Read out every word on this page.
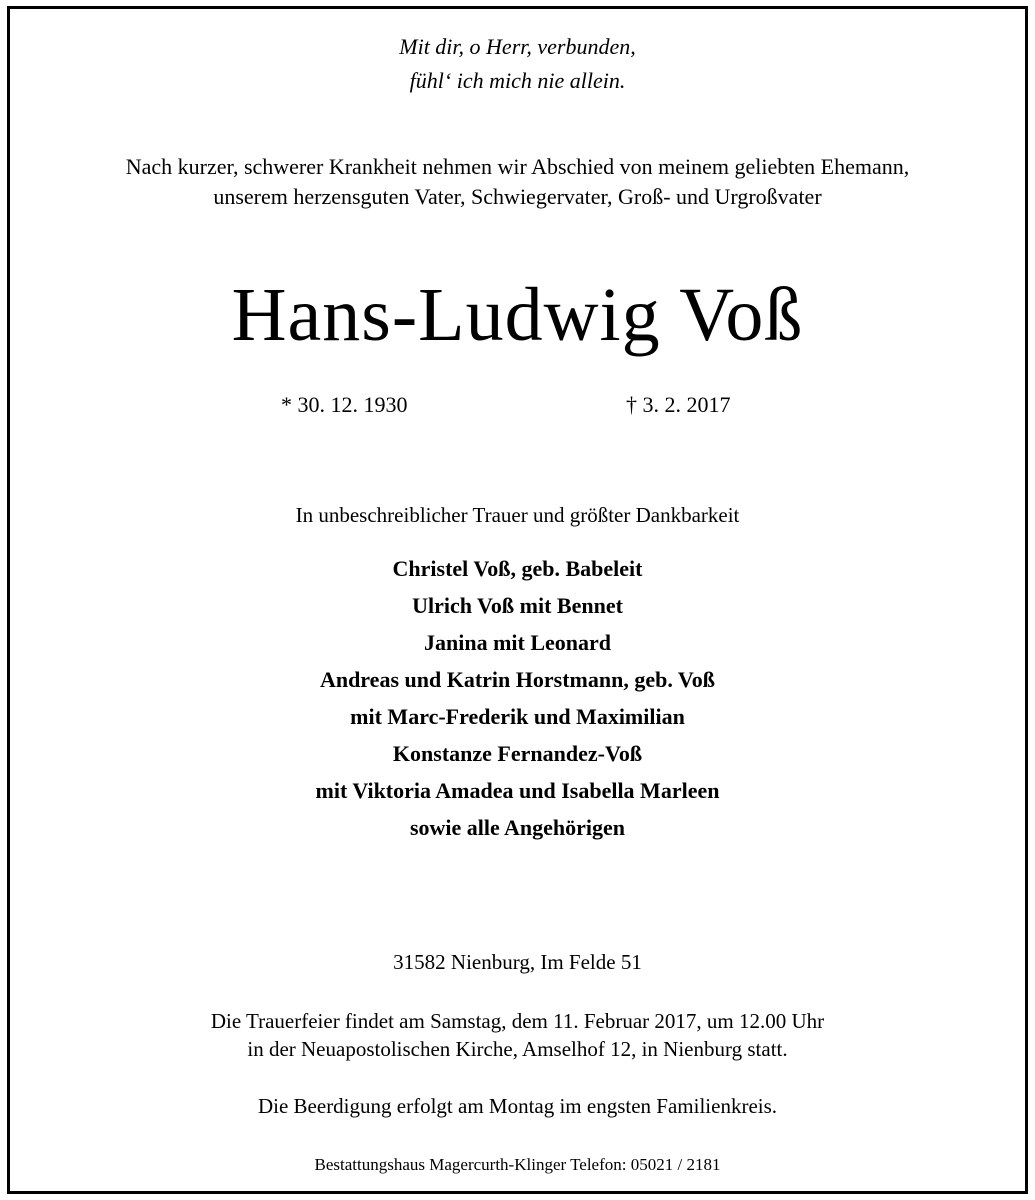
Mit dir, o Herr, verbunden,
fühl‘ ich mich nie allein.
Nach kurzer, schwerer Krankheit nehmen wir Abschied von meinem geliebten Ehemann,
unserem herzensguten Vater, Schwiegervater, Groß- und Urgroßvater
Hans-Ludwig Voß
* 30. 12. 1930	† 3. 2. 2017
In unbeschreiblicher Trauer und größter Dankbarkeit
Christel Voß, geb. Babeleit
Ulrich Voß mit Bennet
Janina mit Leonard
Andreas und Katrin Horstmann, geb. Voß
mit Marc-Frederik und Maximilian
Konstanze Fernandez-Voß
mit Viktoria Amadea und Isabella Marleen
sowie alle Angehörigen
31582 Nienburg, Im Felde 51
Die Trauerfeier findet am Samstag, dem 11. Februar 2017, um 12.00 Uhr
in der Neuapostolischen Kirche, Amselhof 12, in Nienburg statt.
Die Beerdigung erfolgt am Montag im engsten Familienkreis.
Bestattungshaus Magercurth-Klinger Telefon: 05021 / 2181
